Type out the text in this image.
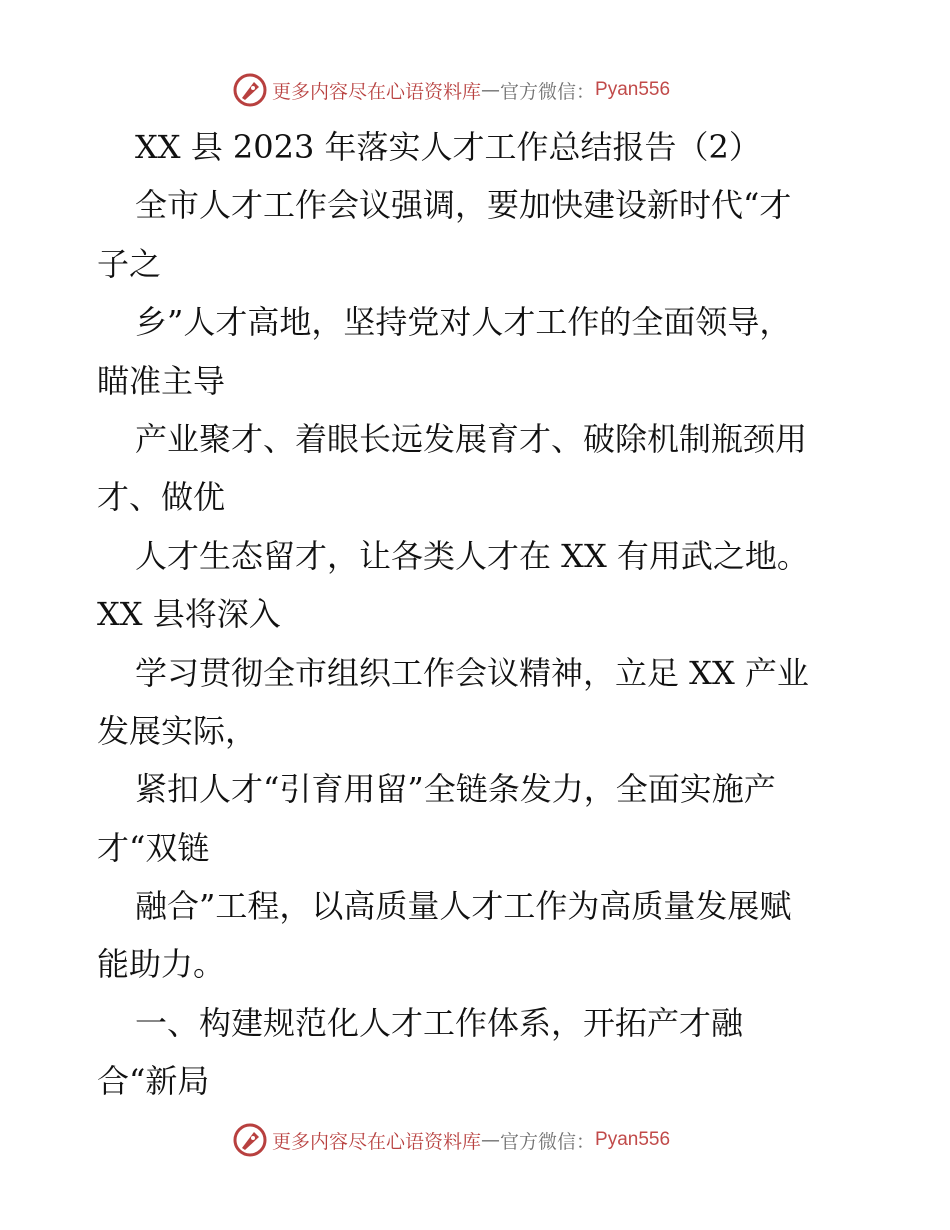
更多内容尽在心语资料库 — 官方微信： Pyan556
XX 县 2023 年落实人才工作总结报告（2）
全市人才工作会议强调，要加快建设新时代“才
子之
乡”人才高地，坚持党对人才工作的全面领导，
瞄准主导
产业聚才、着眼长远发展育才、破除机制瓶颈用
才、做优
人才生态留才，让各类人才在 XX 有用武之地。
XX 县将深入
学习贯彻全市组织工作会议精神，立足 XX 产业
发展实际，
紧扣人才“引育用留”全链条发力，全面实施产
才“双链
融合”工程，以高质量人才工作为高质量发展赋
能助力。
一、构建规范化人才工作体系，开拓产才融
合“新局
更多内容尽在心语资料库 — 官方微信： Pyan556
